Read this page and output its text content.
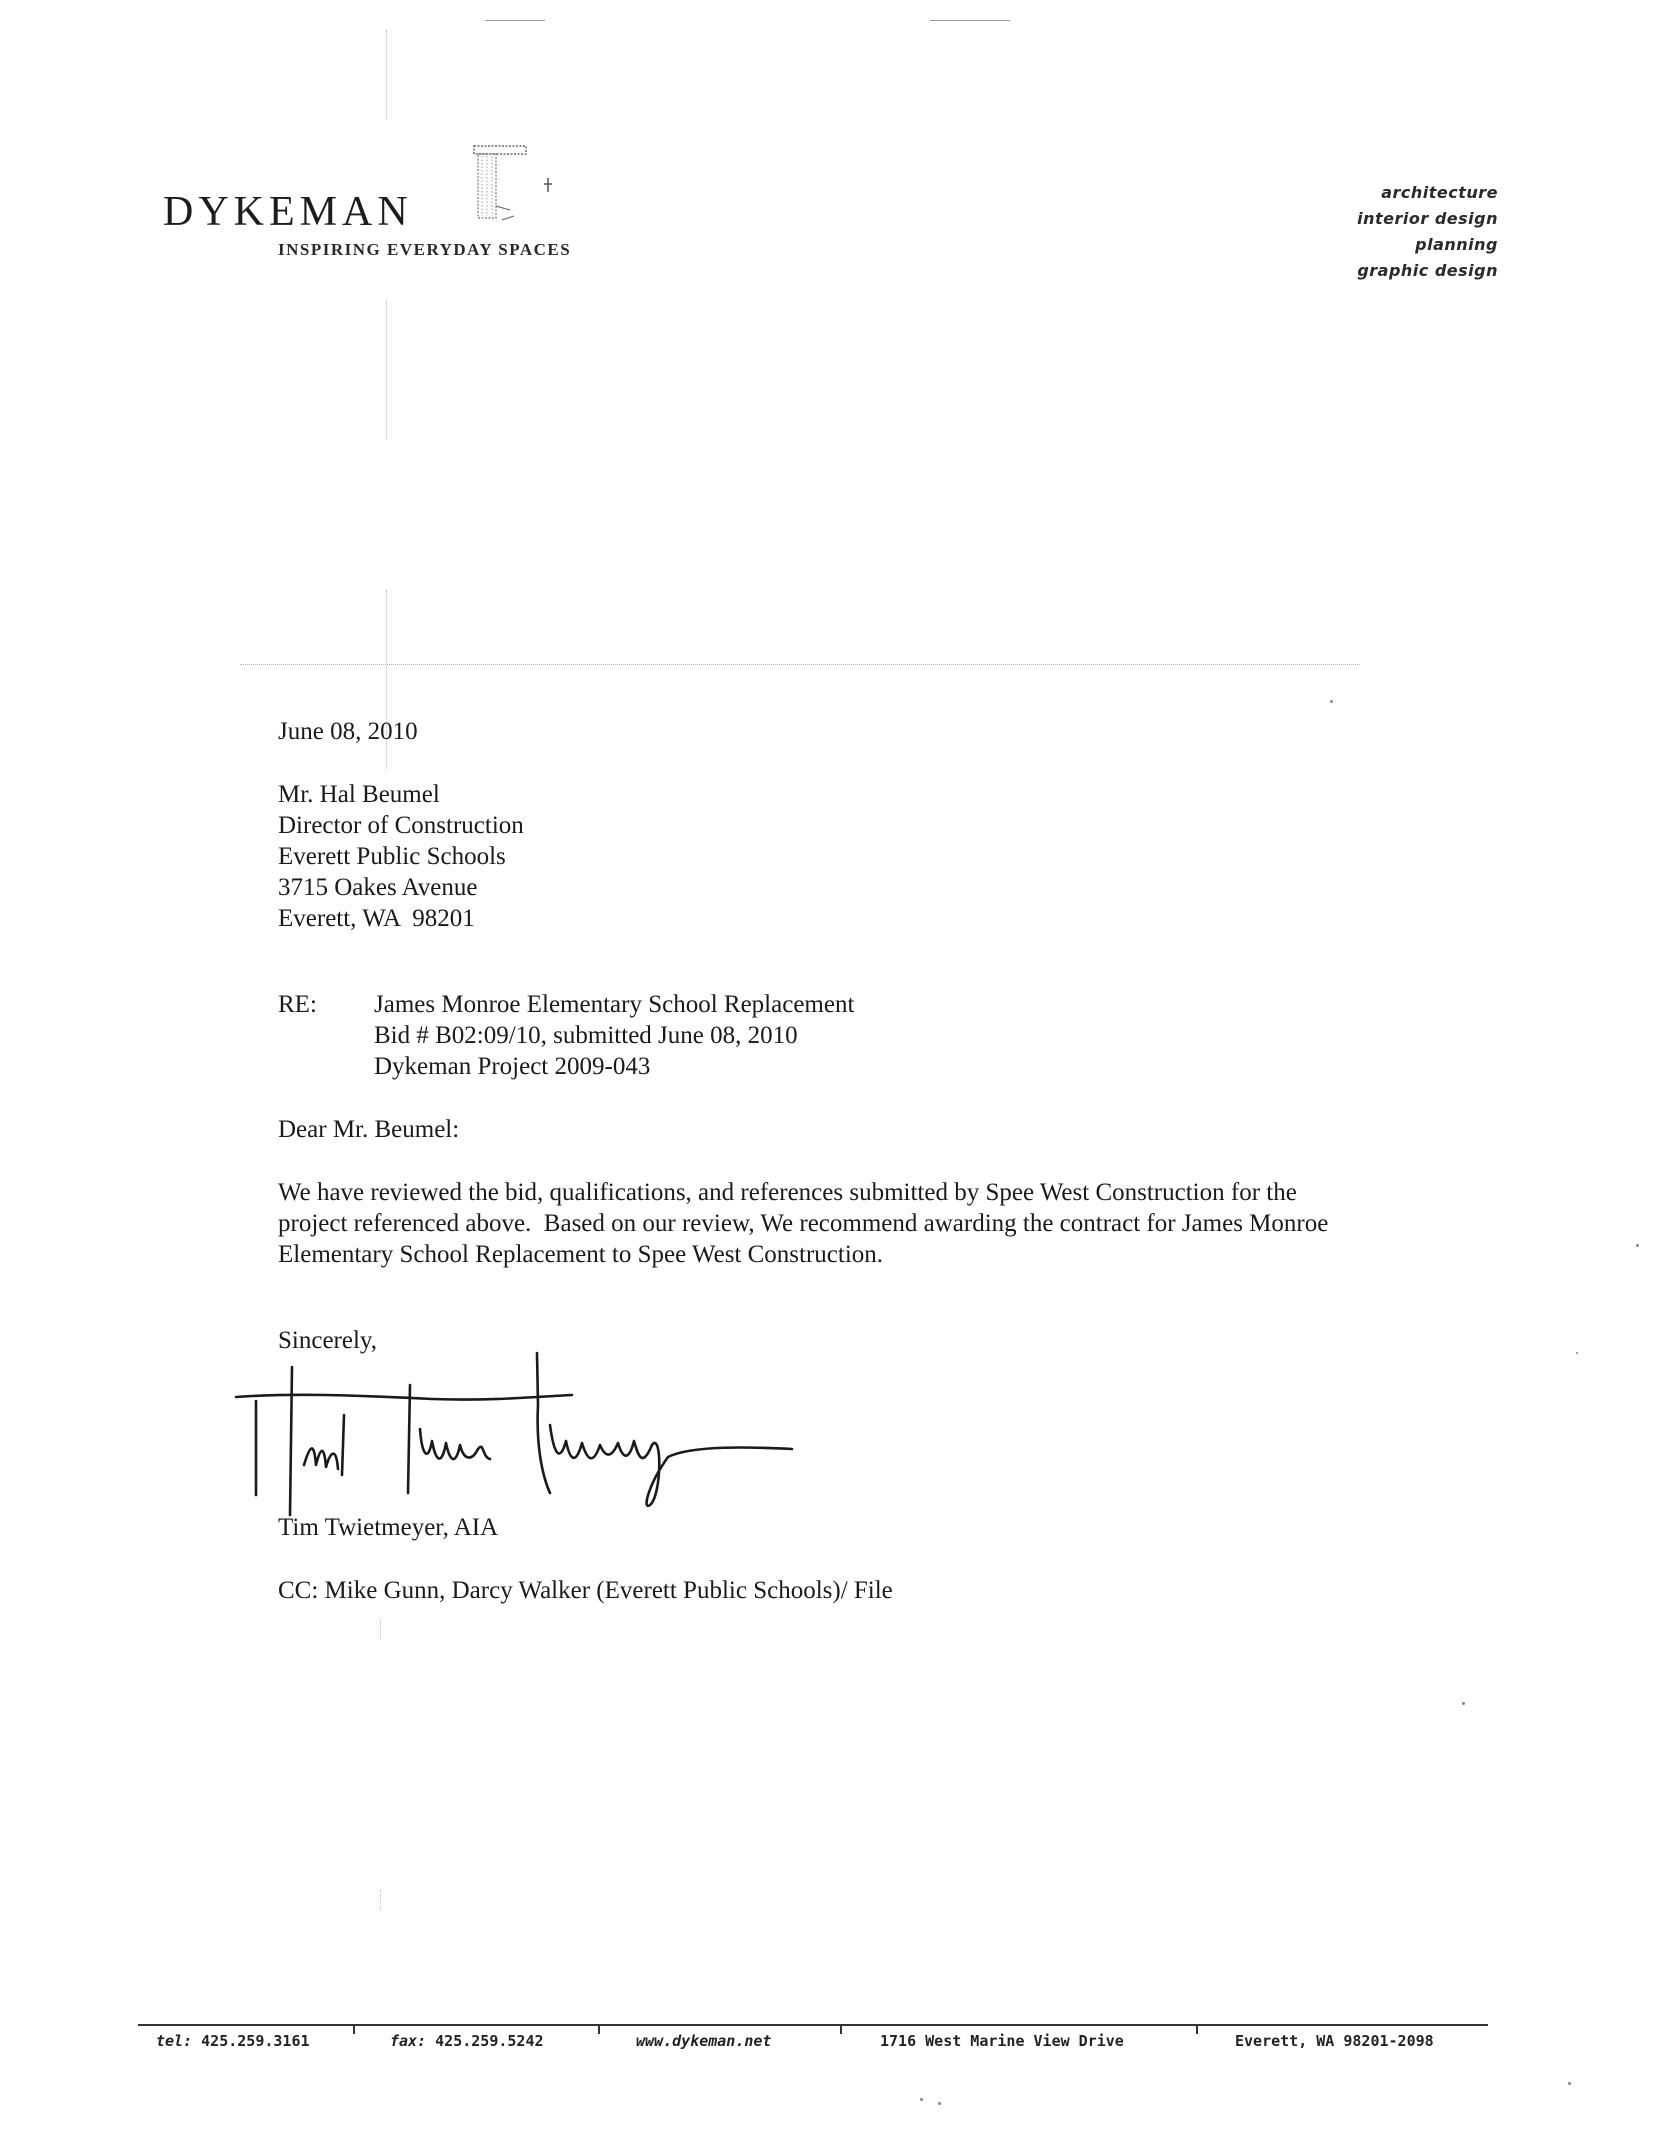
DYKEMAN
INSPIRING EVERYDAY SPACES
architecture
interior design
planning
graphic design
June 08, 2010
Mr. Hal Beumel
Director of Construction
Everett Public Schools
3715 Oakes Avenue
Everett, WA  98201
RE: James Monroe Elementary School Replacement
Bid # B02:09/10, submitted June 08, 2010
Dykeman Project 2009-043
Dear Mr. Beumel:
We have reviewed the bid, qualifications, and references submitted by Spee West Construction for the
project referenced above.  Based on our review, We recommend awarding the contract for James Monroe
Elementary School Replacement to Spee West Construction.
Sincerely,
Tim Twietmeyer, AIA
CC: Mike Gunn, Darcy Walker (Everett Public Schools)/ File
tel: 425.259.3161	fax: 425.259.5242	www.dykeman.net	1716 West Marine View Drive	Everett, WA 98201-2098
